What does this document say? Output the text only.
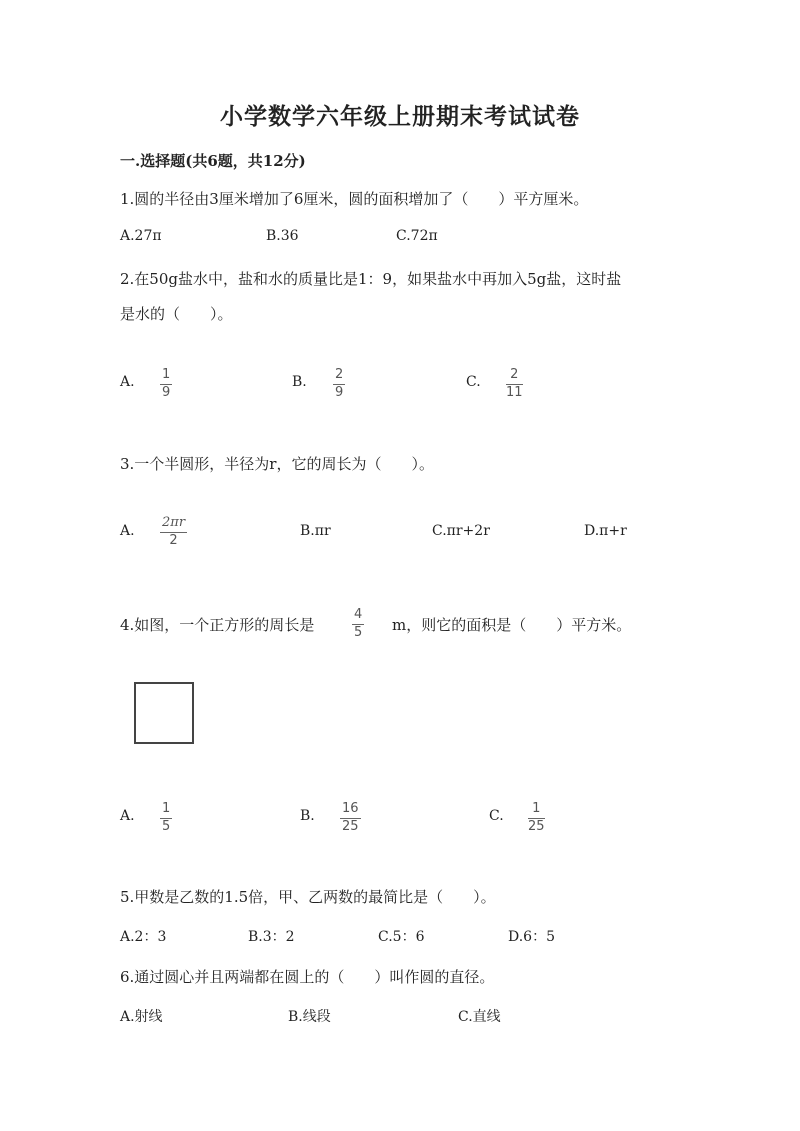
小学数学六年级上册期末考试试卷
一.选择题(共6题，共12分)
1.圆的半径由3厘米增加了6厘米，圆的面积增加了（　　）平方厘米。
A.27π	B.36	C.72π
2.在50g盐水中，盐和水的质量比是1：9，如果盐水中再加入5g盐，这时盐
是水的（　　）。
A. 1
9
B. 2
9
C. 2
11
3.一个半圆形，半径为r，它的周长为（　　）。
A.
2πr
2
B.πr	C.πr+2r	D.π+r
4.如图，一个正方形的周长是
4
5 m，则它的面积是（　　）平方米。
A. 1
5
B. 16
25
C. 1
25
5.甲数是乙数的1.5倍，甲、乙两数的最简比是（　　）。
A.2：3	B.3：2	C.5：6	D.6：5
6.通过圆心并且两端都在圆上的（　　）叫作圆的直径。
A.射线	B.线段	C.直线
